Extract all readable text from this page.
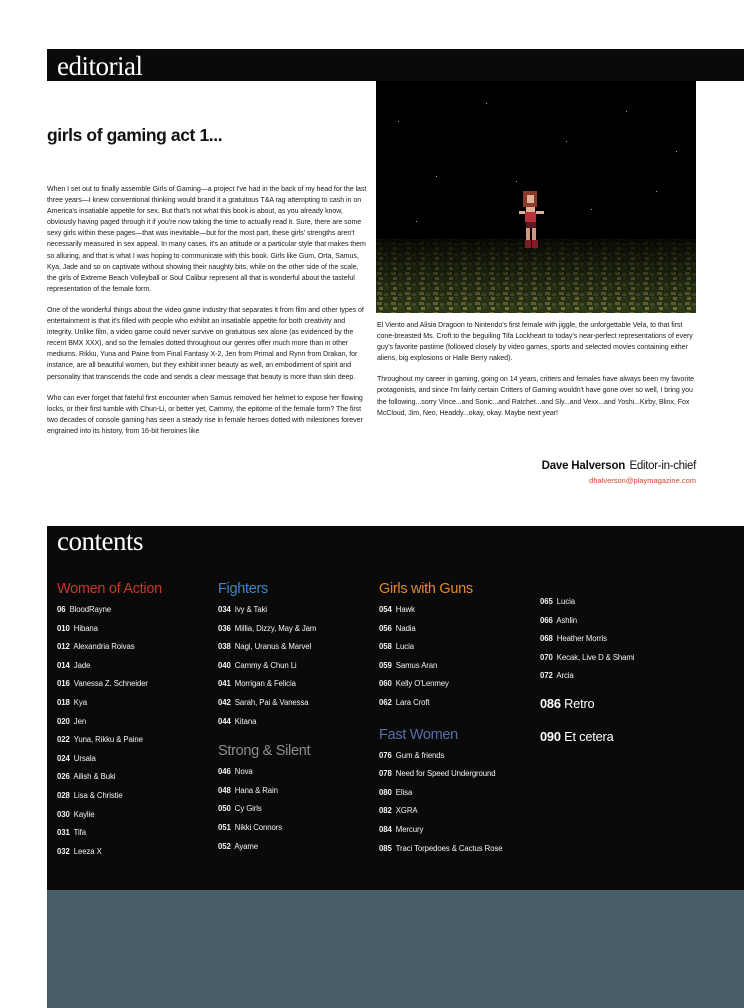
editorial
girls of gaming act 1...

When I set out to finally assemble Girls of Gaming—a project I've had in the back of my head for the last three years—I knew conventional thinking would brand it a gratuitous T&A rag attempting to cash in on America's insatiable appetite for sex. But that's not what this book is about, as you already know, obviously having paged through it if you're now taking the time to actually read it. Sure, there are some sexy girls within these pages—that was inevitable—but for the most part, these girls' strengths aren't necessarily measured in sex appeal. In many cases, it's an attitude or a particular style that makes them so alluring, and that is what I was hoping to communicate with this book. Girls like Gum, Orta, Samus, Kya, Jade and so on captivate without showing their naughty bits, while on the other side of the scale, the girls of Extreme Beach Volleyball or Soul Calibur represent all that is wonderful about the tasteful representation of the female form.

One of the wonderful things about the video game industry that separates it from film and other types of entertainment is that it's filled with people who exhibit an insatiable appetite for both creativity and integrity. Unlike film, a video game could never survive on gratuitous sex alone (as evidenced by the recent BMX XXX), and so the females dotted throughout our genres offer much more than in other mediums. Rikku, Yuna and Paine from Final Fantasy X-2, Jen from Primal and Rynn from Drakan, for instance, are all beautiful women, but they exhibit inner beauty as well, an embodiment of spirit and personality that transcends the code and sends a clear message that beauty is more than skin deep.

Who can ever forget that fateful first encounter when Samus removed her helmet to expose her flowing locks, or their first tumble with Chun-Li, or better yet, Cammy, the epitome of the female form? The first two decades of console gaming has seen a steady rise in female heroes dotted with milestones forever engrained into its history, from 16-bit heroines like

El Viento and Alisia Dragoon to Nintendo's first female with jiggle, the unforgettable Vela, to that first cone-breasted Ms. Croft to the beguiling Tifa Lockheart to today's near-perfect representations of every guy's favorite pastime (followed closely by video games, sports and selected movies containing either aliens, big explosions or Halle Berry naked).

Throughout my career in gaming, going on 14 years, critters and females have always been my favorite protagonists, and since I'm fairly certain Critters of Gaming wouldn't have gone over so well, I bring you the following...sorry Vince...and Sonic...and Ratchet...and Sly...and Vexx...and Yoshi...Kirby, Blinx, Fox McCloud, Jim, Neo, Headdy...okay, okay. Maybe next year!

Dave Halverson Editor-in-chief
dhalverson@playmagazine.com
contents
Women of Action
06 BloodRayne
010 Hibana
012 Alexandria Roivas
014 Jade
016 Vanessa Z. Schneider
018 Kya
020 Jen
022 Yuna, Rikku & Paine
024 Ursala
026 Ailish & Buki
028 Lisa & Christie
030 Kaylie
031 Tifa
032 Leeza X
Fighters
034 Ivy & Taki
036 Millia, Dizzy, May & Jam
038 Nagi, Uranus & Marvel
040 Cammy & Chun Li
041 Morrigan & Felicia
042 Sarah, Pai & Vanessa
044 Kitana
Strong & Silent
046 Nova
048 Hana & Rain
050 Cy Girls
051 Nikki Connors
052 Ayame
Girls with Guns
054 Hawk
056 Nadia
058 Lucia
059 Samus Aran
060 Kelly O'Lenmey
062 Lara Croft
Fast Women
076 Gum & friends
078 Need for Speed Underground
080 Elisa
082 XGRA
084 Mercury
085 Traci Torpedoes & Cactus Rose
065 Lucia
066 Ashlin
068 Heather Morris
070 Kecak, Live D & Shami
072 Arcia
086 Retro
090 Et cetera
